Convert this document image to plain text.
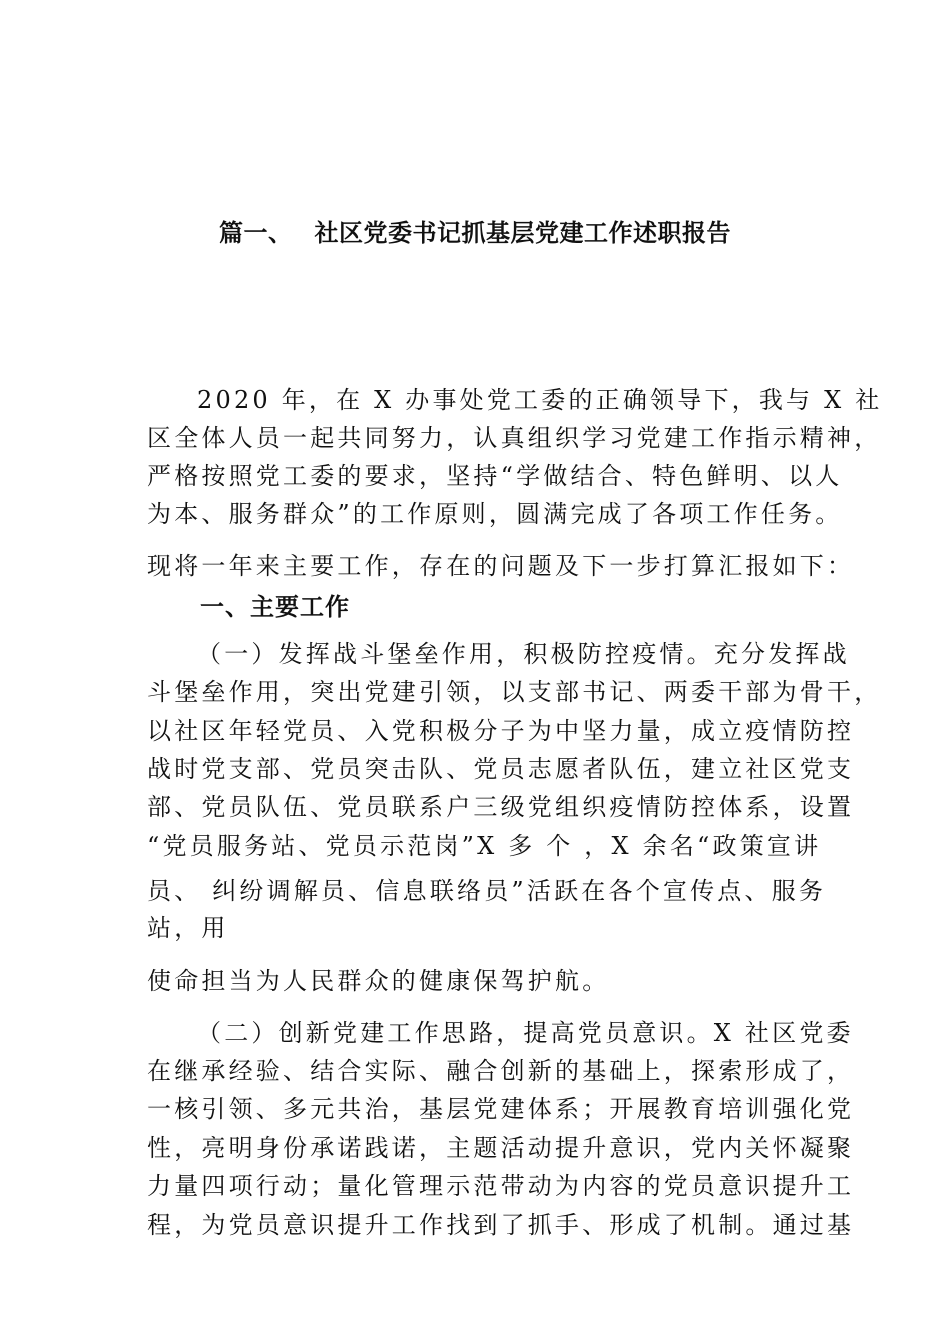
篇一、 社区党委书记抓基层党建工作述职报告
2020 年，在 X 办事处党工委的正确领导下，我与 X 社
区全体人员一起共同努力，认真组织学习党建工作指示精神，
严格按照党工委的要求，坚持“学做结合、特色鲜明、以人
为本、服务群众”的工作原则，圆满完成了各项工作任务。
现将一年来主要工作，存在的问题及下一步打算汇报如下：
一、主要工作
（一）发挥战斗堡垒作用，积极防控疫情。充分发挥战
斗堡垒作用，突出党建引领，以支部书记、两委干部为骨干，
以社区年轻党员、入党积极分子为中坚力量，成立疫情防控
战时党支部、党员突击队、党员志愿者队伍，建立社区党支
部、党员队伍、党员联系户三级党组织疫情防控体系，设置
“党员服务站、党员示范岗”X 多 个 ，X 余名“政策宣讲
员、 纠纷调解员、信息联络员”活跃在各个宣传点、服务
站，用
使命担当为人民群众的健康保驾护航。
（二）创新党建工作思路，提高党员意识。X 社区党委
在继承经验、结合实际、融合创新的基础上，探索形成了，
一核引领、多元共治，基层党建体系；开展教育培训强化党
性，亮明身份承诺践诺，主题活动提升意识，党内关怀凝聚
力量四项行动；量化管理示范带动为内容的党员意识提升工
程，为党员意识提升工作找到了抓手、形成了机制。通过基
